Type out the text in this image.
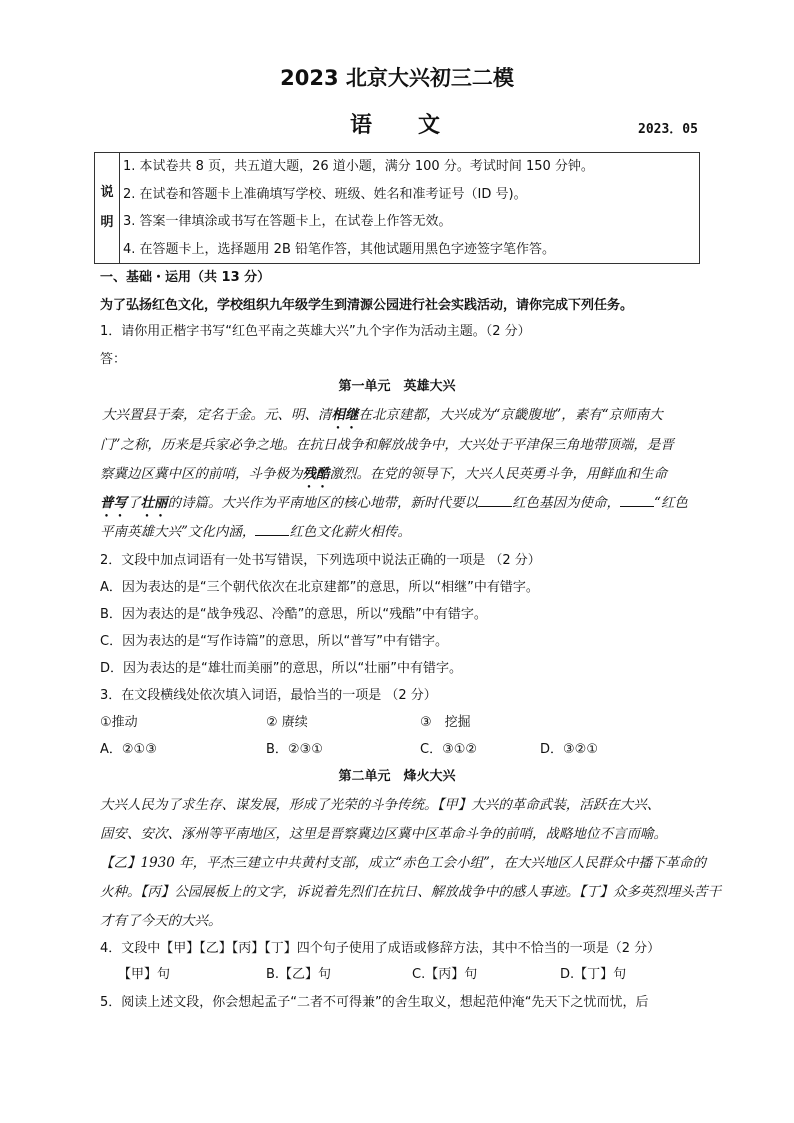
2023 北京大兴初三二模
语文	2023．05
说
明
1. 本试卷共 8 页，共五道大题，26 道小题，满分 100 分。考试时间 150 分钟。
2. 在试卷和答题卡上准确填写学校、班级、姓名和准考证号（ID 号)。
3. 答案一律填涂或书写在答题卡上，在试卷上作答无效。
4. 在答题卡上，选择题用 2B 铅笔作答，其他试题用黑色字迹签字笔作答。
一、基础・运用（共 13 分）
为了弘扬红色文化，学校组织九年级学生到清源公园进行社会实践活动，请你完成下列任务。
1．请你用正楷字书写“红色平南之英雄大兴”九个字作为活动主题。（2 分）
答：
第一单元　英雄大兴
大兴置县于秦，定名于金。元、明、清相继在北京建都，大兴成为“京畿腹地”，素有“京师南大
门”之称，历来是兵家必争之地。在抗日战争和解放战争中，大兴处于平津保三角地带顶端，是晋
察冀边区冀中区的前哨，斗争极为残酷激烈。在党的领导下，大兴人民英勇斗争，用鲜血和生命
普写了壮丽的诗篇。大兴作为平南地区的核心地带，新时代要以	红色基因为使命，	“红色
平南英雄大兴”文化内涵，	红色文化薪火相传。
2．文段中加点词语有一处书写错误，下列选项中说法正确的一项是 （2 分）
A．因为表达的是“三个朝代依次在北京建都”的意思，所以“相继”中有错字。
B．因为表达的是“战争残忍、冷酷”的意思，所以“残酷”中有错字。
C．因为表达的是“写作诗篇”的意思，所以“普写”中有错字。
D．因为表达的是“雄壮而美丽”的意思，所以“壮丽”中有错字。
3．在文段横线处依次填入词语，最恰当的一项是 （2 分）
①推动	② 赓续	③　挖掘
A．②①③	B．②③①	C．③①②	D．③②①
第二单元　烽火大兴
大兴人民为了求生存、谋发展，形成了光荣的斗争传统。【甲】大兴的革命武装，活跃在大兴、
固安、安次、涿州等平南地区，这里是晋察冀边区冀中区革命斗争的前哨，战略地位不言而喻。
【乙】1930 年，平杰三建立中共黄村支部，成立“赤色工会小组”，在大兴地区人民群众中播下革命的
火种。【丙】公园展板上的文字，诉说着先烈们在抗日、解放战争中的感人事迹。【丁】众多英烈埋头苦干
才有了今天的大兴。
4．文段中【甲】【乙】【丙】【丁】四个句子使用了成语或修辞方法，其中不恰当的一项是（2 分）
【甲】句	B.【乙】句	C.【丙】句	D.【丁】句
5．阅读上述文段，你会想起孟子“二者不可得兼”的舍生取义，想起范仲淹“先天下之忧而忧，后
